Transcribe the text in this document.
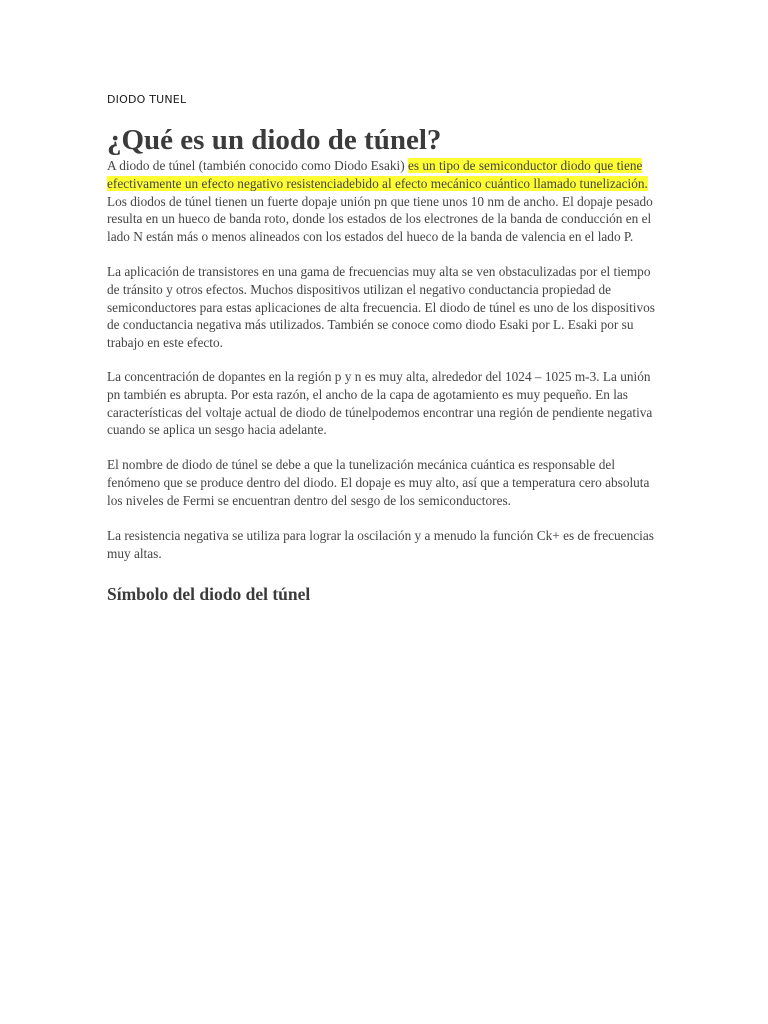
DIODO TUNEL
¿Qué es un diodo de túnel?

A diodo de túnel (también conocido como Diodo Esaki) es un tipo de semiconductor diodo que tiene
efectivamente un efecto negativo resistenciadebido al efecto mecánico cuántico llamado tunelización.
Los diodos de túnel tienen un fuerte dopaje unión pn que tiene unos 10 nm de ancho. El dopaje pesado
resulta en un hueco de banda roto, donde los estados de los electrones de la banda de conducción en el
lado N están más o menos alineados con los estados del hueco de la banda de valencia en el lado P.

La aplicación de transistores en una gama de frecuencias muy alta se ven obstaculizadas por el tiempo
de tránsito y otros efectos. Muchos dispositivos utilizan el negativo conductancia propiedad de
semiconductores para estas aplicaciones de alta frecuencia. El diodo de túnel es uno de los dispositivos
de conductancia negativa más utilizados. También se conoce como diodo Esaki por L. Esaki por su
trabajo en este efecto.

La concentración de dopantes en la región p y n es muy alta, alrededor del 1024 – 1025 m-3. La unión
pn también es abrupta. Por esta razón, el ancho de la capa de agotamiento es muy pequeño. En las
características del voltaje actual de diodo de túnelpodemos encontrar una región de pendiente negativa
cuando se aplica un sesgo hacia adelante.

El nombre de diodo de túnel se debe a que la tunelización mecánica cuántica es responsable del
fenómeno que se produce dentro del diodo. El dopaje es muy alto, así que a temperatura cero absoluta
los niveles de Fermi se encuentran dentro del sesgo de los semiconductores.

La resistencia negativa se utiliza para lograr la oscilación y a menudo la función Ck+ es de frecuencias
muy altas.

Símbolo del diodo del túnel
